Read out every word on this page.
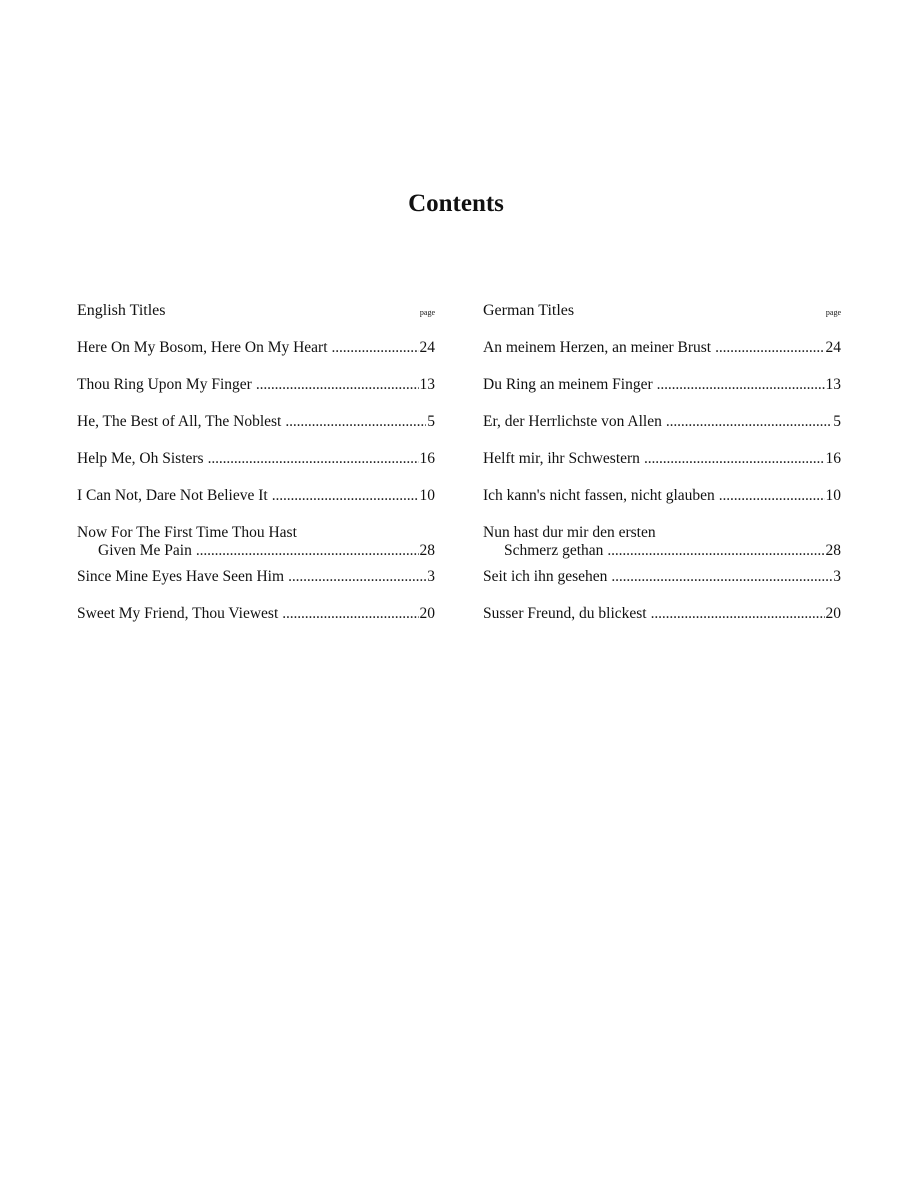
Contents
English Titles	page
Here On My Bosom, Here On My Heart . . .	24
Thou Ring Upon My Finger . . .	13
He, The Best of All, The Noblest . . .	5
Help Me, Oh Sisters . . .	16
I Can Not, Dare Not Believe It . . .	10
Now For The First Time Thou Hast
Given Me Pain . . .	28
Since Mine Eyes Have Seen Him . . .	3
Sweet My Friend, Thou Viewest . . .	20
German Titles	page
An meinem Herzen, an meiner Brust . . .	24
Du Ring an meinem Finger . . .	13
Er, der Herrlichste von Allen . . .	5
Helft mir, ihr Schwestern . . .	16
Ich kann's nicht fassen, nicht glauben . . .	10
Nun hast dur mir den ersten
Schmerz gethan . . .	28
Seit ich ihn gesehen . . .	3
Susser Freund, du blickest . . .	20
